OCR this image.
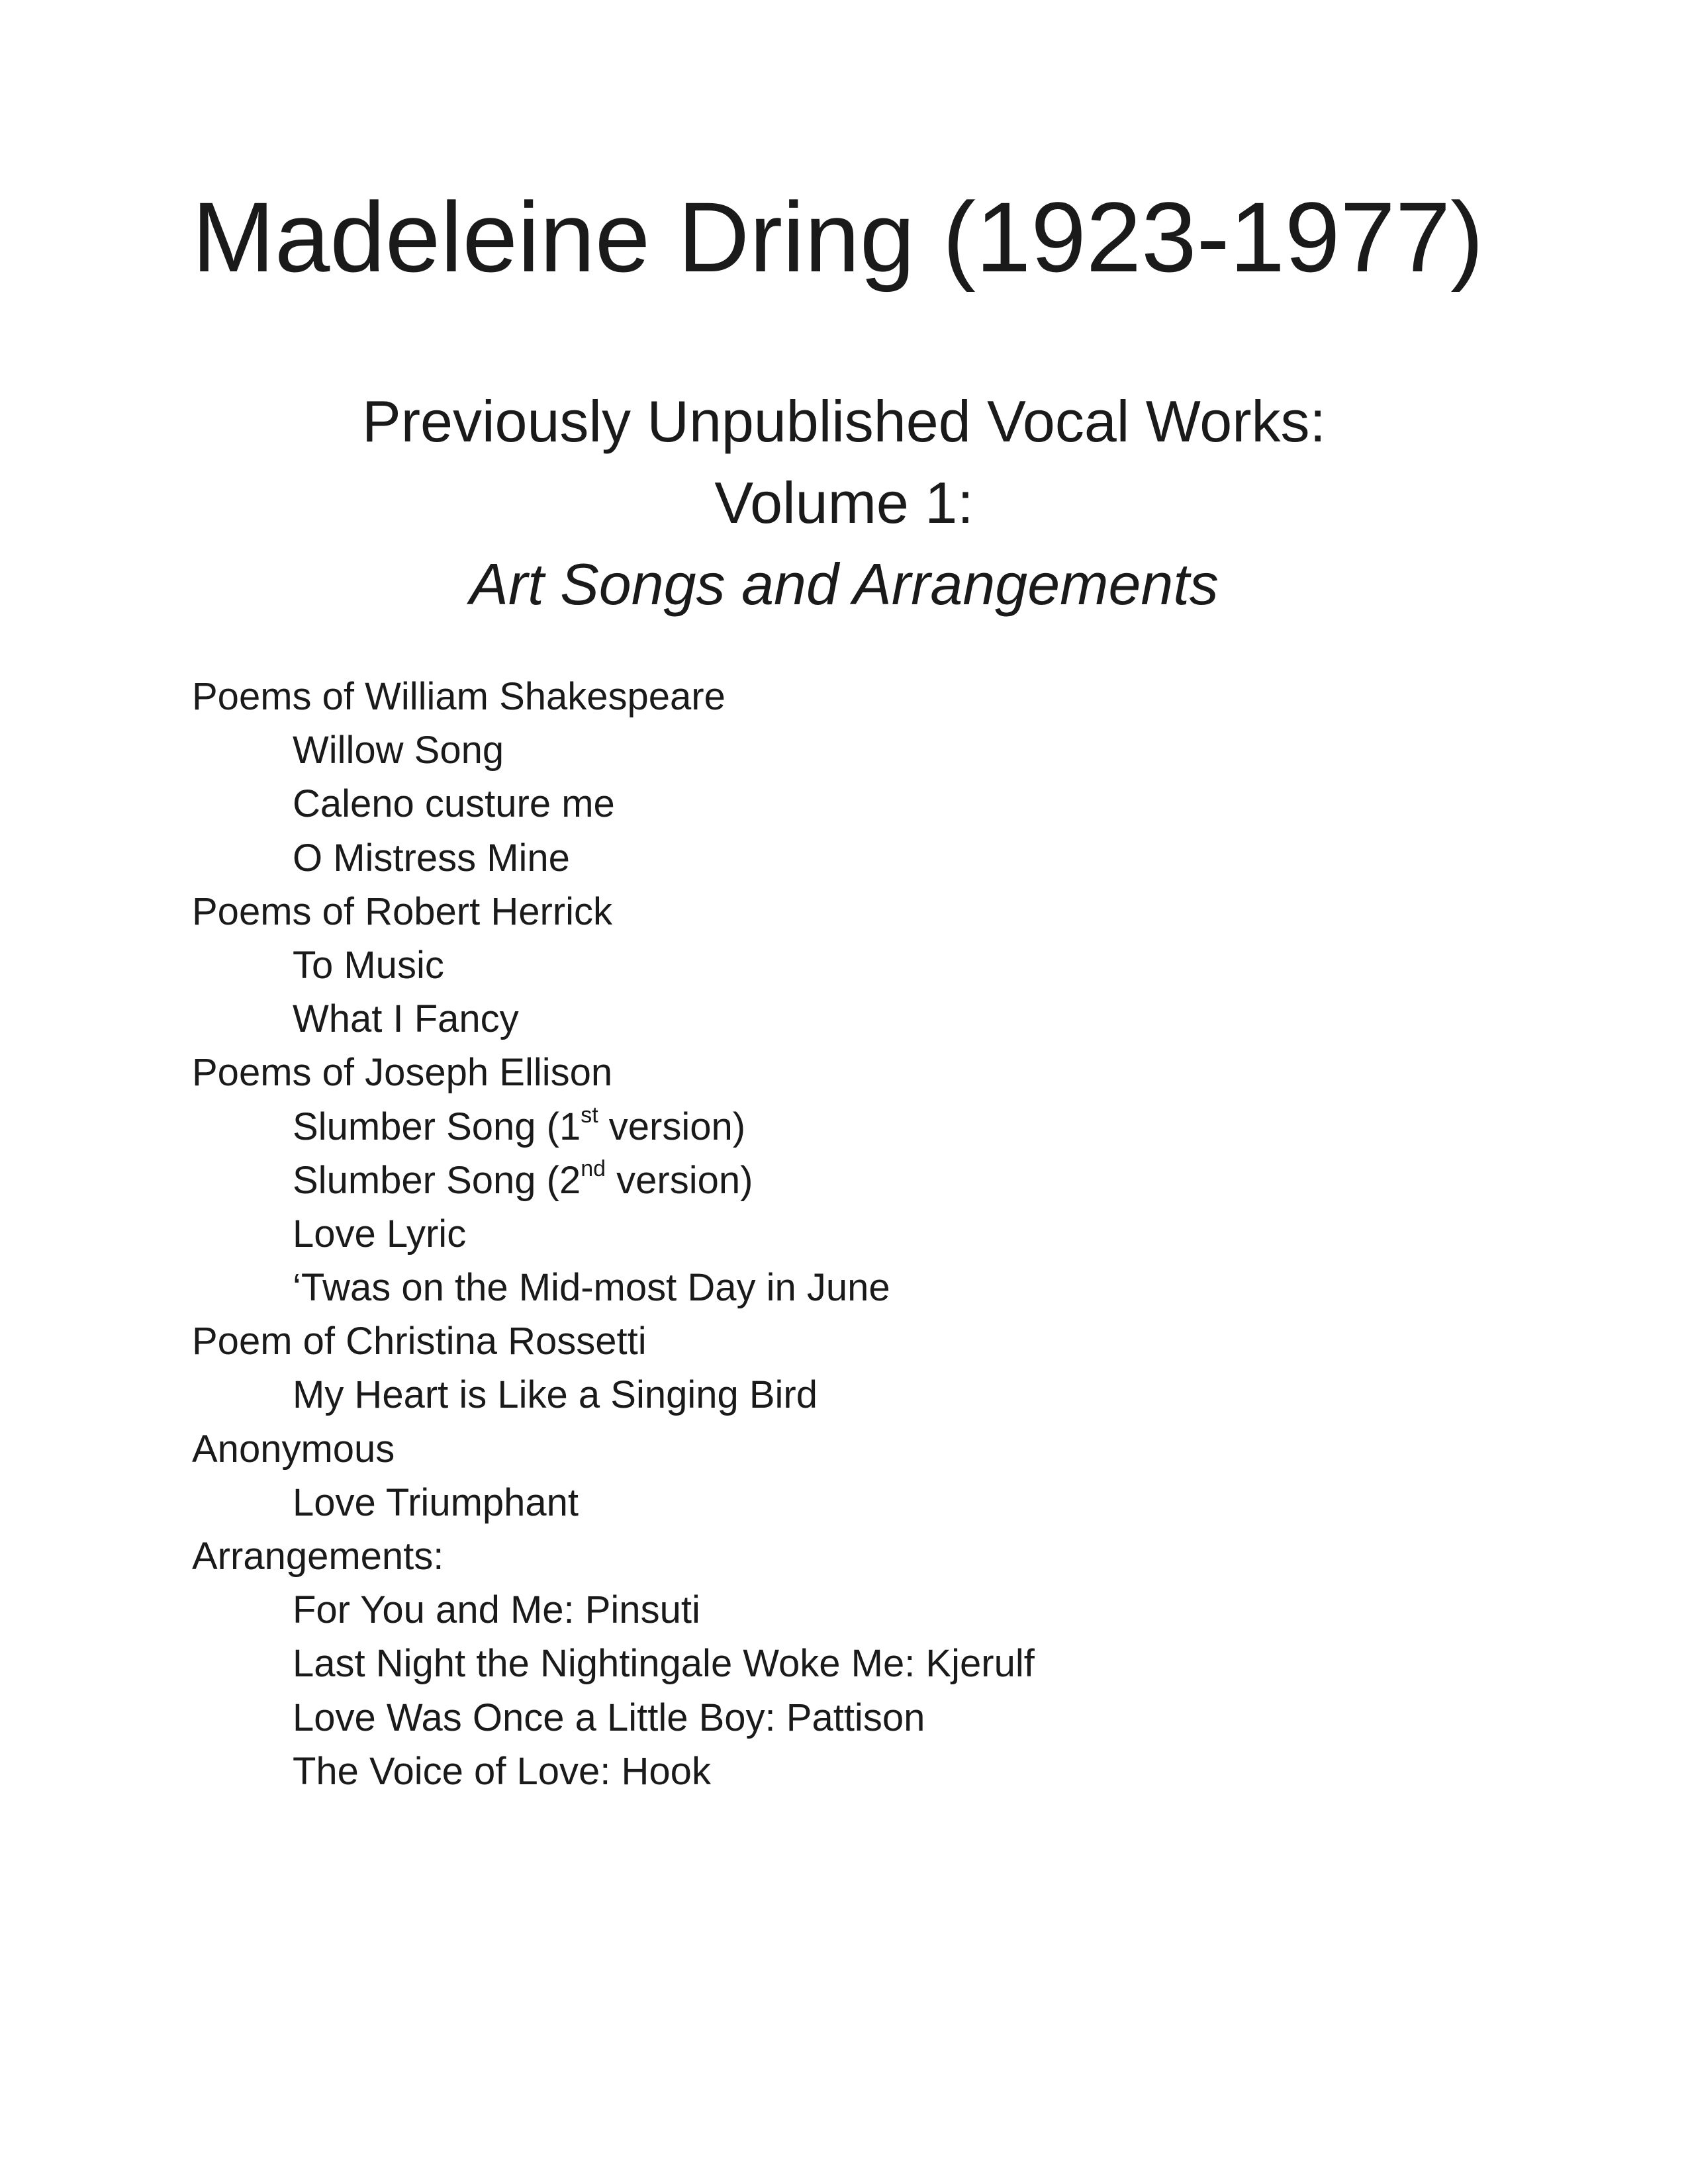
Madeleine Dring (1923-1977)
Previously Unpublished Vocal Works:
Volume 1:
Art Songs and Arrangements
Poems of William Shakespeare
Willow Song
Caleno custure me
O Mistress Mine
Poems of Robert Herrick
To Music
What I Fancy
Poems of Joseph Ellison
Slumber Song (1st version)
Slumber Song (2nd version)
Love Lyric
‘Twas on the Mid-most Day in June
Poem of Christina Rossetti
My Heart is Like a Singing Bird
Anonymous
Love Triumphant
Arrangements:
For You and Me: Pinsuti
Last Night the Nightingale Woke Me: Kjerulf
Love Was Once a Little Boy: Pattison
The Voice of Love: Hook
